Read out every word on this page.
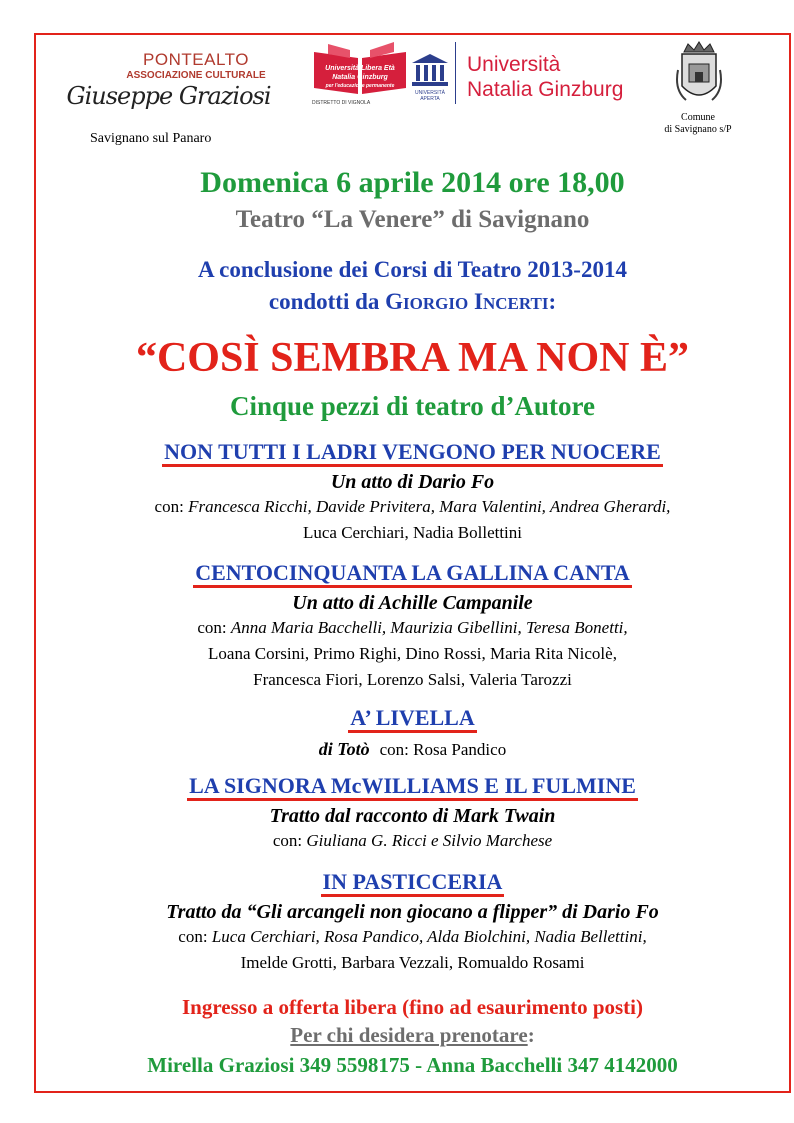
PONTEALTO
ASSOCIAZIONE CULTURALE
Giuseppe Graziosi
Savignano sul Panaro
Università Libera Età
Natalia Ginzburg
per l'educazione permanente
DISTRETTO DI VIGNOLA
UNIVERSITÀ APERTA
Università
Natalia Ginzburg
Comune
di Savignano s/P
Domenica 6 aprile 2014 ore 18,00
Teatro “La Venere” di Savignano
A conclusione dei Corsi di Teatro 2013-2014
condotti da GIORGIO INCERTI:
“COSÌ SEMBRA MA NON È”
Cinque pezzi di teatro d’Autore
NON TUTTI I LADRI VENGONO PER NUOCERE
Un atto di Dario Fo
con: Francesca Ricchi, Davide Privitera, Mara Valentini, Andrea Gherardi,
Luca Cerchiari, Nadia Bollettini
CENTOCINQUANTA LA GALLINA CANTA
Un atto di Achille Campanile
con: Anna Maria Bacchelli, Maurizia Gibellini, Teresa Bonetti,
Loana Corsini, Primo Righi, Dino Rossi, Maria Rita Nicolè,
Francesca Fiori, Lorenzo Salsi, Valeria Tarozzi
A’ LIVELLA
di Totò con: Rosa Pandico
LA SIGNORA McWILLIAMS E IL FULMINE
Tratto dal racconto di Mark Twain
con: Giuliana G. Ricci e Silvio Marchese
IN PASTICCERIA
Tratto da “Gli arcangeli non giocano a flipper” di Dario Fo
con: Luca Cerchiari, Rosa Pandico, Alda Biolchini, Nadia Bellettini,
Imelde Grotti, Barbara Vezzali, Romualdo Rosami
Ingresso a offerta libera (fino ad esaurimento posti)
Per chi desidera prenotare:
Mirella Graziosi 349 5598175 - Anna Bacchelli 347 4142000
